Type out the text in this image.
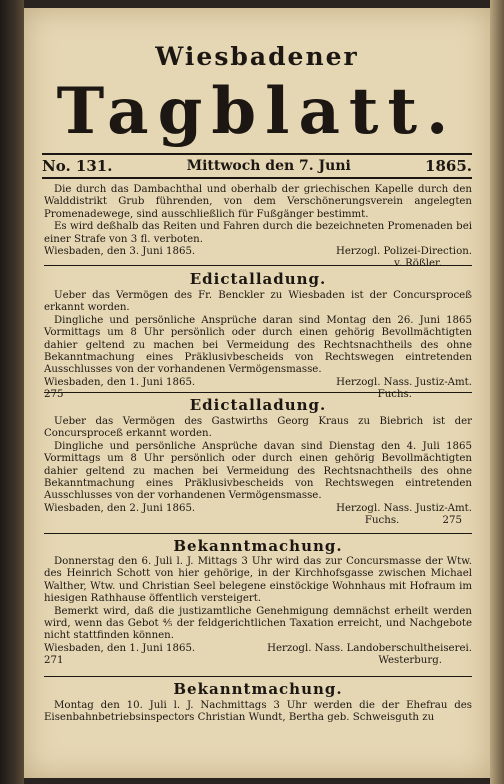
Wiesbadener
Tagblatt.
No. 131.	Mittwoch den 7. Juni	1865.

Die durch das Dambachthal und oberhalb der griechischen Kapelle durch den Walddistrikt Grub führenden, von dem Verschönerungsverein angelegten Promenadewege, sind ausschließlich für Fußgänger bestimmt.

Es wird deßhalb das Reiten und Fahren durch die bezeichneten Promenaden bei einer Strafe von 3 fl. verboten.

Wiesbaden, den 3. Juni 1865.	Herzogl. Polizei-Direction.
v. Rößler.
Edictalladung.

Ueber das Vermögen des Fr. Benckler zu Wiesbaden ist der Concursproceß erkannt worden.

Dingliche und persönliche Ansprüche daran sind Montag den 26. Juni 1865 Vormittags um 8 Uhr persönlich oder durch einen gehörig Bevollmächtigten dahier geltend zu machen bei Vermeidung des Rechtsnachtheils des ohne Bekanntmachung eines Präklusivbescheids von Rechtswegen eintretenden Ausschlusses von der vorhandenen Vermögensmasse.

Wiesbaden, den 1. Juni 1865.	Herzogl. Nass. Justiz-Amt.
275	Fuchs.
Edictalladung.

Ueber das Vermögen des Gastwirths Georg Kraus zu Biebrich ist der Concursproceß erkannt worden.

Dingliche und persönliche Ansprüche davan sind Dienstag den 4. Juli 1865 Vormittags um 8 Uhr persönlich oder durch einen gehörig Bevollmächtigten dahier geltend zu machen bei Vermeidung des Rechtsnachtheils des ohne Bekanntmachung eines Präklusivbescheids von Rechtswegen eintretenden Ausschlusses von der vorhandenen Vermögensmasse.

Wiesbaden, den 2. Juni 1865.	Herzogl. Nass. Justiz-Amt.
Fuchs.	275
Bekanntmachung.

Donnerstag den 6. Juli l. J. Mittags 3 Uhr wird das zur Concursmasse der Wtw. des Heinrich Schott von hier gehörige, in der Kirchhofsgasse zwischen Michael Walther, Wtw. und Christian Seel belegene einstöckige Wohnhaus mit Hofraum im hiesigen Rathhause öffentlich versteigert.

Bemerkt wird, daß die justizamtliche Genehmigung demnächst erheilt werden wird, wenn das Gebot ⅘ der feldgerichtlichen Taxation erreicht, und Nachgebote nicht stattfinden können.

Wiesbaden, den 1. Juni 1865.	Herzogl. Nass. Landoberschultheiserei.
271	Westerburg.
Bekanntmachung.

Montag den 10. Juli l. J. Nachmittags 3 Uhr werden die der Ehefrau des Eisenbahnbetriebsinspectors Christian Wundt, Bertha geb. Schweisguth zu
